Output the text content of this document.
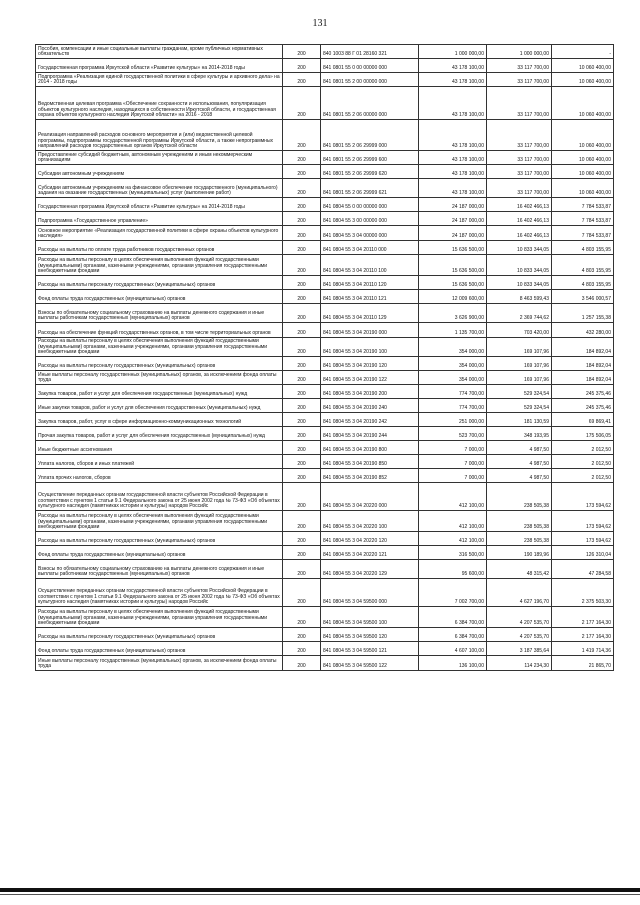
131
Пособия, компенсации и иные социальные выплаты гражданам, кроме публичных нормативных обязательств	200	840 1003 88 Г 01 28160 321	1 000 000,00	1 000 000,00	-
Государственная программа Иркутской области «Развитие культуры» на 2014-2018 годы	200	841 0801 55 0 00 00000 000	43 178 100,00	33 117 700,00	10 060 400,00
Подпрограмма «Реализация единой государственной политики в сфере культуры и архивного дела» на 2014 - 2018 годы	200	841 0801 55 2 00 00000 000	43 178 100,00	33 117 700,00	10 060 400,00
Ведомственная целевая программа «Обеспечение сохранности и использования, популяризация объектов культурного наследия, находящихся в собственности Иркутской области, и государственная охрана объектов культурного наследия Иркутской области» на 2016 - 2018	200	841 0801 55 2 06 00000 000	43 178 100,00	33 117 700,00	10 060 400,00
Реализация направлений расходов основного мероприятия и (или) ведомственной целевой программы, подпрограммы государственной программы Иркутской области, а также непрограммных направлений расходов государственных органов Иркутской области	200	841 0801 55 2 06 29999 000	43 178 100,00	33 117 700,00	10 060 400,00
Предоставление субсидий бюджетным, автономным учреждениям и иным некоммерческим организациям	200	841 0801 55 2 06 29999 600	43 178 100,00	33 117 700,00	10 060 400,00
Субсидии автономным учреждениям	200	841 0801 55 2 06 29999 620	43 178 100,00	33 117 700,00	10 060 400,00
Субсидии автономным учреждениям на финансовое обеспечение государственного (муниципального) задания на оказание государственных (муниципальных) услуг (выполнение работ)	200	841 0801 55 2 06 29999 621	43 178 100,00	33 117 700,00	10 060 400,00
Государственная программа Иркутской области «Развитие культуры» на 2014-2018 годы	200	841 0804 55 0 00 00000 000	24 187 000,00	16 402 466,13	7 784 533,87
Подпрограмма «Государственное управление»	200	841 0804 55 3 00 00000 000	24 187 000,00	16 402 466,13	7 784 533,87
Основное мероприятие «Реализация государственной политики в сфере охраны объектов культурного наследия»	200	841 0804 55 3 04 00000 000	24 187 000,00	16 402 466,13	7 784 533,87
Расходы на выплаты по оплате труда работников государственных органов	200	841 0804 55 3 04 20110 000	15 636 500,00	10 833 344,05	4 803 155,95
Расходы на выплаты персоналу в целях обеспечения выполнения функций государственными (муниципальными) органами, казенными учреждениями, органами управления государственными внебюджетными фондами	200	841 0804 55 3 04 20110 100	15 636 500,00	10 833 344,05	4 803 155,95
Расходы на выплаты персоналу государственных (муниципальных) органов	200	841 0804 55 3 04 20110 120	15 636 500,00	10 833 344,05	4 803 155,95
Фонд оплаты труда государственных (муниципальных) органов	200	841 0804 55 3 04 20110 121	12 009 600,00	8 463 599,43	3 546 000,57
Взносы по обязательному социальному страхованию на выплаты денежного содержания и иные выплаты работникам государственных (муниципальных) органов	200	841 0804 55 3 04 20110 129	3 626 900,00	2 369 744,62	1 257 155,38
Расходы на обеспечение функций государственных органов, в том числе территориальных органов	200	841 0804 55 3 04 20190 000	1 135 700,00	703 420,00	432 280,00
Расходы на выплаты персоналу в целях обеспечения выполнения функций государственными (муниципальными) органами, казенными учреждениями, органами управления государственными внебюджетными фондами	200	841 0804 55 3 04 20190 100	354 000,00	169 107,96	184 892,04
Расходы на выплаты персоналу государственных (муниципальных) органов	200	841 0804 55 3 04 20190 120	354 000,00	169 107,96	184 892,04
Иные выплаты персоналу государственных (муниципальных) органов, за исключением фонда оплаты труда	200	841 0804 55 3 04 20190 122	354 000,00	169 107,96	184 892,04
Закупка товаров, работ и услуг для обеспечения государственных (муниципальных) нужд	200	841 0804 55 3 04 20190 200	774 700,00	529 324,54	245 375,46
Иные закупки товаров, работ и услуг для обеспечения государственных (муниципальных) нужд	200	841 0804 55 3 04 20190 240	774 700,00	529 324,54	245 375,46
Закупка товаров, работ, услуг в сфере информационно-коммуникационных технологий	200	841 0804 55 3 04 20190 242	251 000,00	181 130,59	69 869,41
Прочая закупка товаров, работ и услуг для обеспечения государственных (муниципальных) нужд	200	841 0804 55 3 04 20190 244	523 700,00	348 193,95	175 506,05
Иные бюджетные ассигнования	200	841 0804 55 3 04 20190 800	7 000,00	4 987,50	2 012,50
Уплата налогов, сборов и иных платежей	200	841 0804 55 3 04 20190 850	7 000,00	4 987,50	2 012,50
Уплата прочих налогов, сборов	200	841 0804 55 3 04 20190 852	7 000,00	4 987,50	2 012,50
Осуществление переданных органам государственной власти субъектов Российской Федерации в соответствии с пунктом 1 статьи 9.1 Федерального закона от 25 июня 2002 года № 73-ФЗ «Об объектах культурного наследия (памятниках истории и культуры) народов Российс	200	841 0804 55 3 04 20220 000	412 100,00	238 505,38	173 594,62
Расходы на выплаты персоналу в целях обеспечения выполнения функций государственными (муниципальными) органами, казенными учреждениями, органами управления государственными внебюджетными фондами	200	841 0804 55 3 04 20220 100	412 100,00	238 505,38	173 594,62
Расходы на выплаты персоналу государственных (муниципальных) органов	200	841 0804 55 3 04 20220 120	412 100,00	238 505,38	173 594,62
Фонд оплаты труда государственных (муниципальных) органов	200	841 0804 55 3 04 20220 121	316 500,00	190 189,96	126 310,04
Взносы по обязательному социальному страхованию на выплаты денежного содержания и иные выплаты работникам государственных (муниципальных) органов	200	841 0804 55 3 04 20220 129	95 600,00	48 315,42	47 284,58
Осуществление переданных органам государственной власти субъектов Российской Федерации в соответствии с пунктом 1 статьи 9.1 Федерального закона от 25 июня 2002 года № 73-ФЗ «Об объектах культурного наследия (памятниках истории и культуры) народов Российс	200	841 0804 55 3 04 59500 000	7 002 700,00	4 627 196,70	2 375 503,30
Расходы на выплаты персоналу в целях обеспечения выполнения функций государственными (муниципальными) органами, казенными учреждениями, органами управления государственными внебюджетными фондами	200	841 0804 55 3 04 59500 100	6 384 700,00	4 207 535,70	2 177 164,30
Расходы на выплаты персоналу государственных (муниципальных) органов	200	841 0804 55 3 04 59500 120	6 384 700,00	4 207 535,70	2 177 164,30
Фонд оплаты труда государственных (муниципальных) органов	200	841 0804 55 3 04 59500 121	4 607 100,00	3 187 385,64	1 419 714,36
Иные выплаты персоналу государственных (муниципальных) органов, за исключением фонда оплаты труда	200	841 0804 55 3 04 59500 122	136 100,00	114 234,30	21 865,70
